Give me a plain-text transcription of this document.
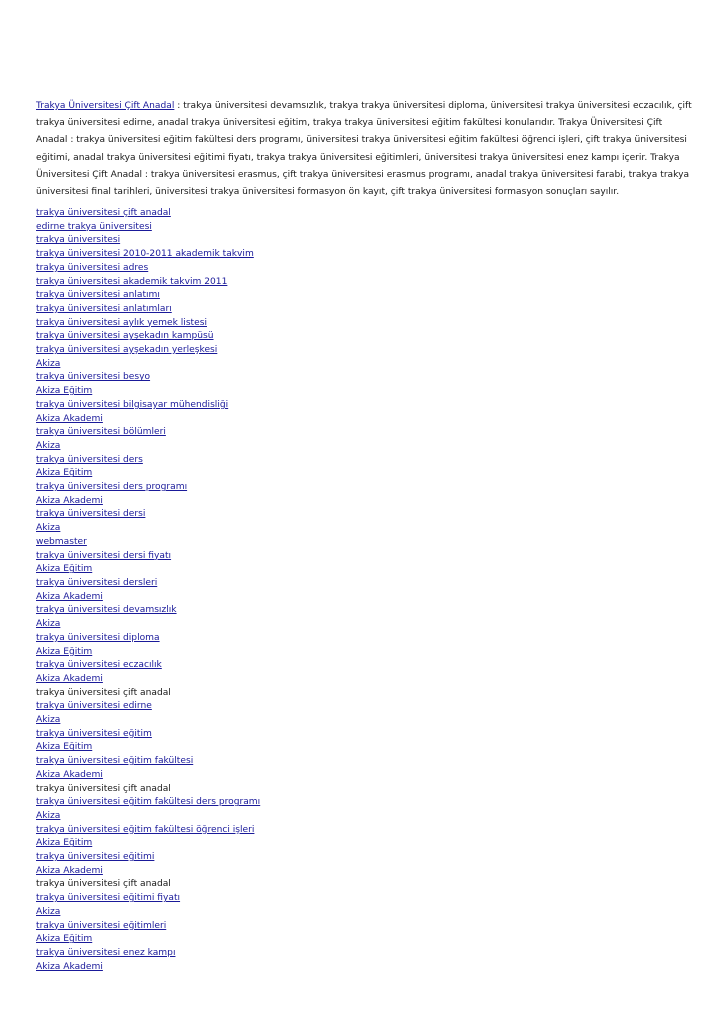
Trakya Üniversitesi Çift Anadal : trakya üniversitesi devamsızlık, trakya trakya üniversitesi diploma, üniversitesi trakya üniversitesi eczacılık, çift trakya üniversitesi edirne, anadal trakya üniversitesi eğitim, trakya trakya üniversitesi eğitim fakültesi konularıdır. Trakya Üniversitesi Çift Anadal : trakya üniversitesi eğitim fakültesi ders programı, üniversitesi trakya üniversitesi eğitim fakültesi öğrenci işleri, çift trakya üniversitesi eğitimi, anadal trakya üniversitesi eğitimi fiyatı, trakya trakya üniversitesi eğitimleri, üniversitesi trakya üniversitesi enez kampı içerir. Trakya Üniversitesi Çift Anadal : trakya üniversitesi erasmus, çift trakya üniversitesi erasmus programı, anadal trakya üniversitesi farabi, trakya trakya üniversitesi final tarihleri, üniversitesi trakya üniversitesi formasyon ön kayıt, çift trakya üniversitesi formasyon sonuçları sayılır.

trakya üniversitesi çift anadal
edirne trakya üniversitesi
trakya üniversitesi
trakya üniversitesi 2010-2011 akademik takvim
trakya üniversitesi adres
trakya üniversitesi akademik takvim 2011
trakya üniversitesi anlatımı
trakya üniversitesi anlatımları
trakya üniversitesi aylık yemek listesi
trakya üniversitesi ayşekadın kampüsü
trakya üniversitesi ayşekadın yerleşkesi
Akiza
trakya üniversitesi besyo
Akiza Eğitim
trakya üniversitesi bilgisayar mühendisliği
Akiza Akademi
trakya üniversitesi bölümleri
Akiza
trakya üniversitesi ders
Akiza Eğitim
trakya üniversitesi ders programı
Akiza Akademi
trakya üniversitesi dersi
Akiza
webmaster
trakya üniversitesi dersi fiyatı
Akiza Eğitim
trakya üniversitesi dersleri
Akiza Akademi
trakya üniversitesi devamsızlık
Akiza
trakya üniversitesi diploma
Akiza Eğitim
trakya üniversitesi eczacılık
Akiza Akademi
trakya üniversitesi çift anadal
trakya üniversitesi edirne
Akiza
trakya üniversitesi eğitim
Akiza Eğitim
trakya üniversitesi eğitim fakültesi
Akiza Akademi
trakya üniversitesi çift anadal
trakya üniversitesi eğitim fakültesi ders programı
Akiza
trakya üniversitesi eğitim fakültesi öğrenci işleri
Akiza Eğitim
trakya üniversitesi eğitimi
Akiza Akademi
trakya üniversitesi çift anadal
trakya üniversitesi eğitimi fiyatı
Akiza
trakya üniversitesi eğitimleri
Akiza Eğitim
trakya üniversitesi enez kampı
Akiza Akademi
